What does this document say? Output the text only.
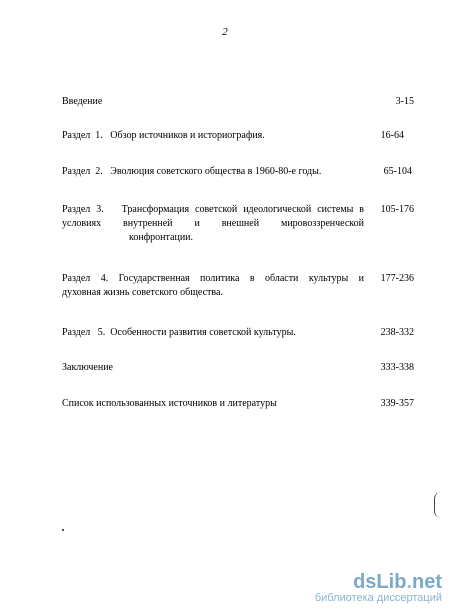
2
Введение	3-15
Раздел  1.   Обзор источников и историография.	16-64
Раздел  2.   Эволюция советского общества в 1960-80-е годы.	65-104
Раздел 3.   Трансформация советской идеологической системы в
условиях   внутренней   и   внешней   мировоззренческой
конфронтации.
105-176
Раздел 4. Государственная политика в области культуры и
духовная жизнь советского общества.
177-236
Раздел   5.  Особенности развития советской культуры.	238-332
Заключение	333-338
Список использованных источников и литературы	339-357
dsLib.net
библиотека диссертаций
